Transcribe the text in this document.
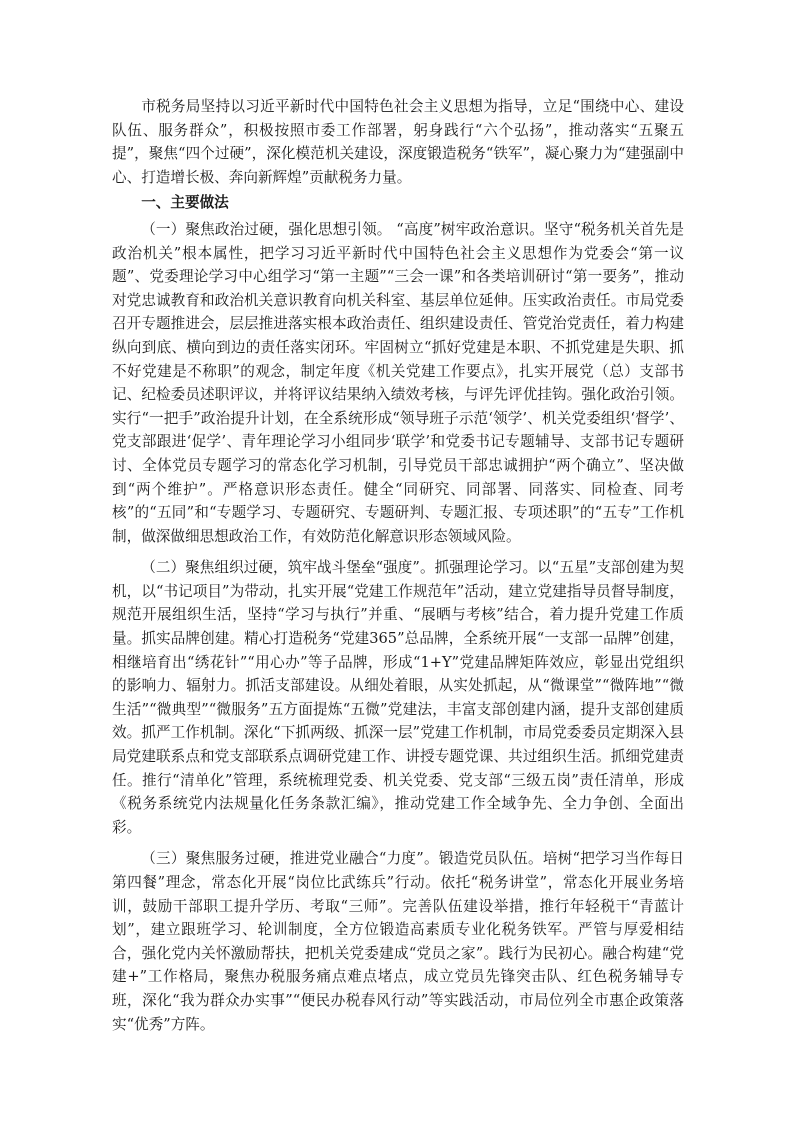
市税务局坚持以习近平新时代中国特色社会主义思想为指导，立足“围绕中心、建设队伍、服务群众”，积极按照市委工作部署，躬身践行“六个弘扬”，推动落实“五聚五提”，聚焦“四个过硬”，深化模范机关建设，深度锻造税务“铁军”，凝心聚力为“建强副中心、打造增长极、奔向新辉煌”贡献税务力量。

一、主要做法

（一）聚焦政治过硬，强化思想引领。 “高度”树牢政治意识。坚守“税务机关首先是政治机关”根本属性，把学习习近平新时代中国特色社会主义思想作为党委会“第一议题”、党委理论学习中心组学习“第一主题”“三会一课”和各类培训研讨“第一要务”，推动对党忠诚教育和政治机关意识教育向机关科室、基层单位延伸。压实政治责任。市局党委召开专题推进会，层层推进落实根本政治责任、组织建设责任、管党治党责任，着力构建纵向到底、横向到边的责任落实闭环。牢固树立“抓好党建是本职、不抓党建是失职、抓不好党建是不称职”的观念，制定年度《机关党建工作要点》，扎实开展党（总）支部书记、纪检委员述职评议，并将评议结果纳入绩效考核，与评先评优挂钩。强化政治引领。实行“一把手”政治提升计划，在全系统形成“领导班子示范‘领学’、机关党委组织‘督学’、党支部跟进‘促学’、青年理论学习小组同步‘联学’和党委书记专题辅导、支部书记专题研讨、全体党员专题学习的常态化学习机制，引导党员干部忠诚拥护“两个确立”、坚决做到“两个维护”。严格意识形态责任。健全“同研究、同部署、同落实、同检查、同考核”的“五同”和“专题学习、专题研究、专题研判、专题汇报、专项述职”的“五专”工作机制，做深做细思想政治工作，有效防范化解意识形态领域风险。

（二）聚焦组织过硬，筑牢战斗堡垒“强度”。抓强理论学习。以“五星”支部创建为契机，以“书记项目”为带动，扎实开展“党建工作规范年”活动，建立党建指导员督导制度，规范开展组织生活，坚持“学习与执行”并重、“展晒与考核”结合，着力提升党建工作质量。抓实品牌创建。精心打造税务“党建365”总品牌，全系统开展“一支部一品牌”创建，相继培育出“绣花针”“用心办”等子品牌，形成“1+Y”党建品牌矩阵效应，彰显出党组织的影响力、辐射力。抓活支部建设。从细处着眼，从实处抓起，从“微课堂”“微阵地”“微生活”“微典型”“微服务”五方面提炼“五微”党建法，丰富支部创建内涵，提升支部创建质效。抓严工作机制。深化“下抓两级、抓深一层”党建工作机制，市局党委委员定期深入县局党建联系点和党支部联系点调研党建工作、讲授专题党课、共过组织生活。抓细党建责任。推行“清单化”管理，系统梳理党委、机关党委、党支部“三级五岗”责任清单，形成《税务系统党内法规量化任务条款汇编》，推动党建工作全域争先、全力争创、全面出彩。

（三）聚焦服务过硬，推进党业融合“力度”。锻造党员队伍。培树“把学习当作每日第四餐”理念，常态化开展“岗位比武练兵”行动。依托“税务讲堂”，常态化开展业务培训，鼓励干部职工提升学历、考取“三师”。完善队伍建设举措，推行年轻税干“青蓝计划”，建立跟班学习、轮训制度，全方位锻造高素质专业化税务铁军。严管与厚爱相结合，强化党内关怀激励帮扶，把机关党委建成“党员之家”。践行为民初心。融合构建“党建+”工作格局，聚焦办税服务痛点难点堵点，成立党员先锋突击队、红色税务辅导专班，深化“我为群众办实事”“便民办税春风行动”等实践活动，市局位列全市惠企政策落实“优秀”方阵。
